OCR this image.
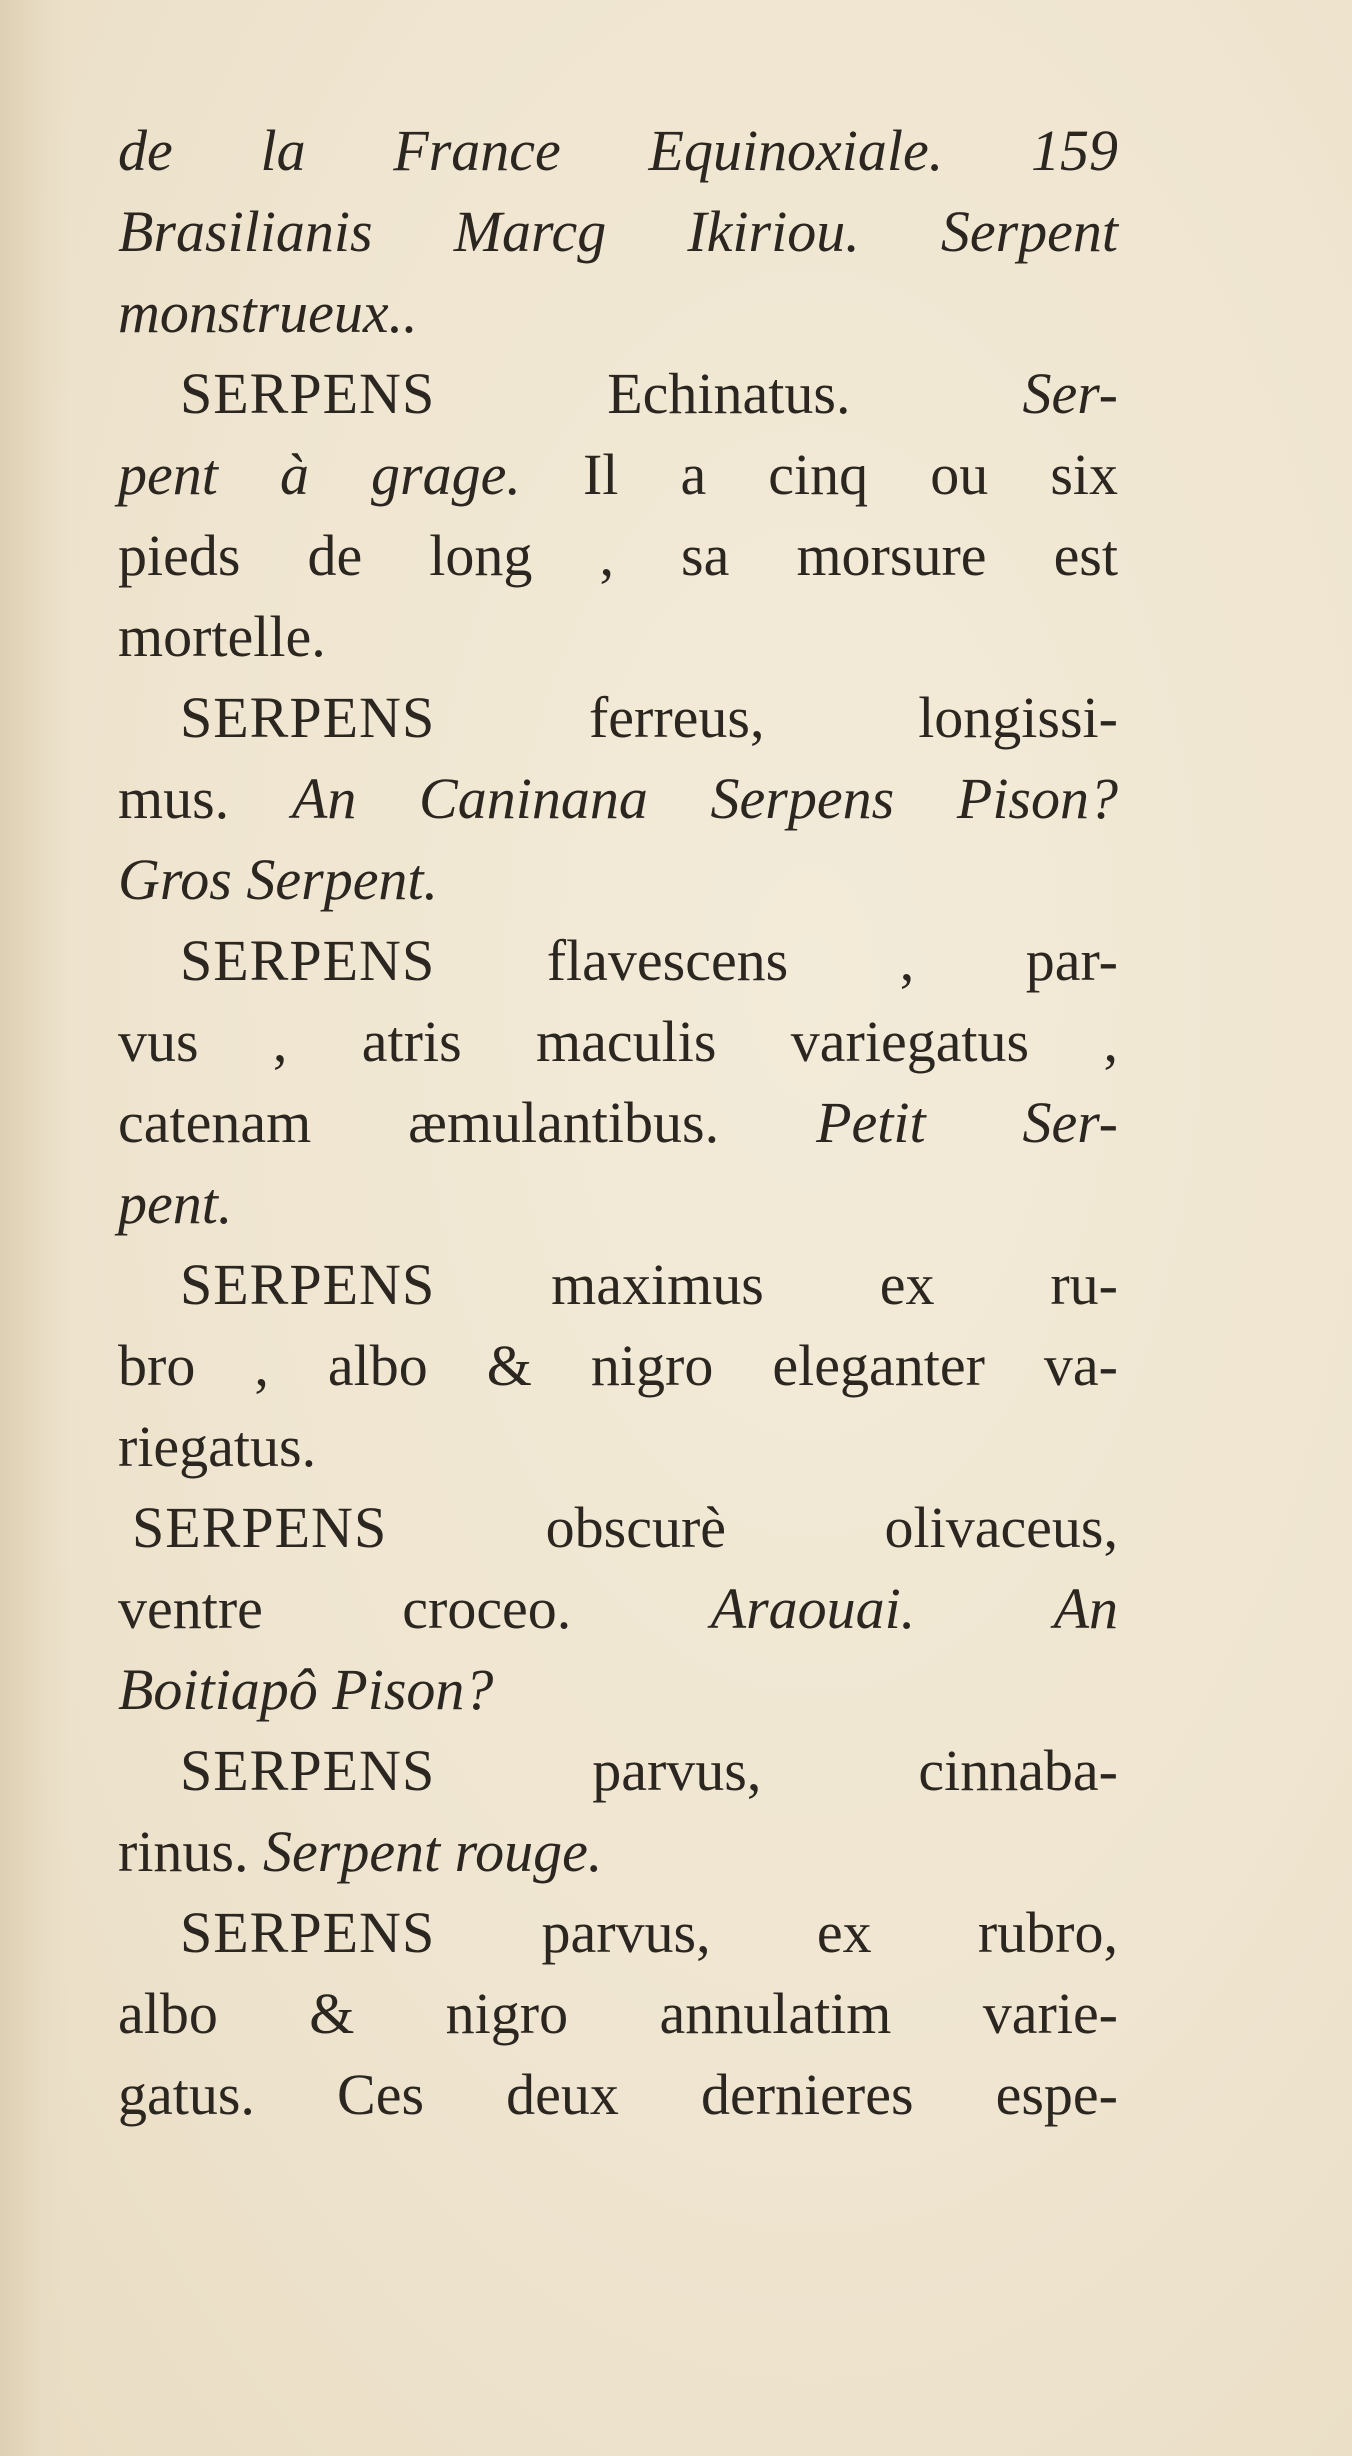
de la France Equinoxiale. 159
Brasilianis Marcg Ikiriou. Serpent
monstrueux..
SERPENS Echinatus. Ser-
pent à grage. Il a cinq ou six
pieds de long , sa morsure est
mortelle.
SERPENS ferreus, longissi-
mus. An Caninana Serpens Pison?
Gros Serpent.
SERPENS flavescens , par-
vus , atris maculis variegatus ,
catenam æmulantibus. Petit Ser-
pent.
SERPENS maximus ex ru-
bro , albo & nigro eleganter va-
riegatus.
SERPENS obscurè olivaceus,
ventre croceo. Araouai. An
Boitiapô Pison?
SERPENS parvus, cinnaba-
rinus. Serpent rouge.
SERPENS parvus, ex rubro,
albo & nigro annulatim varie-
gatus. Ces deux dernieres espe-
